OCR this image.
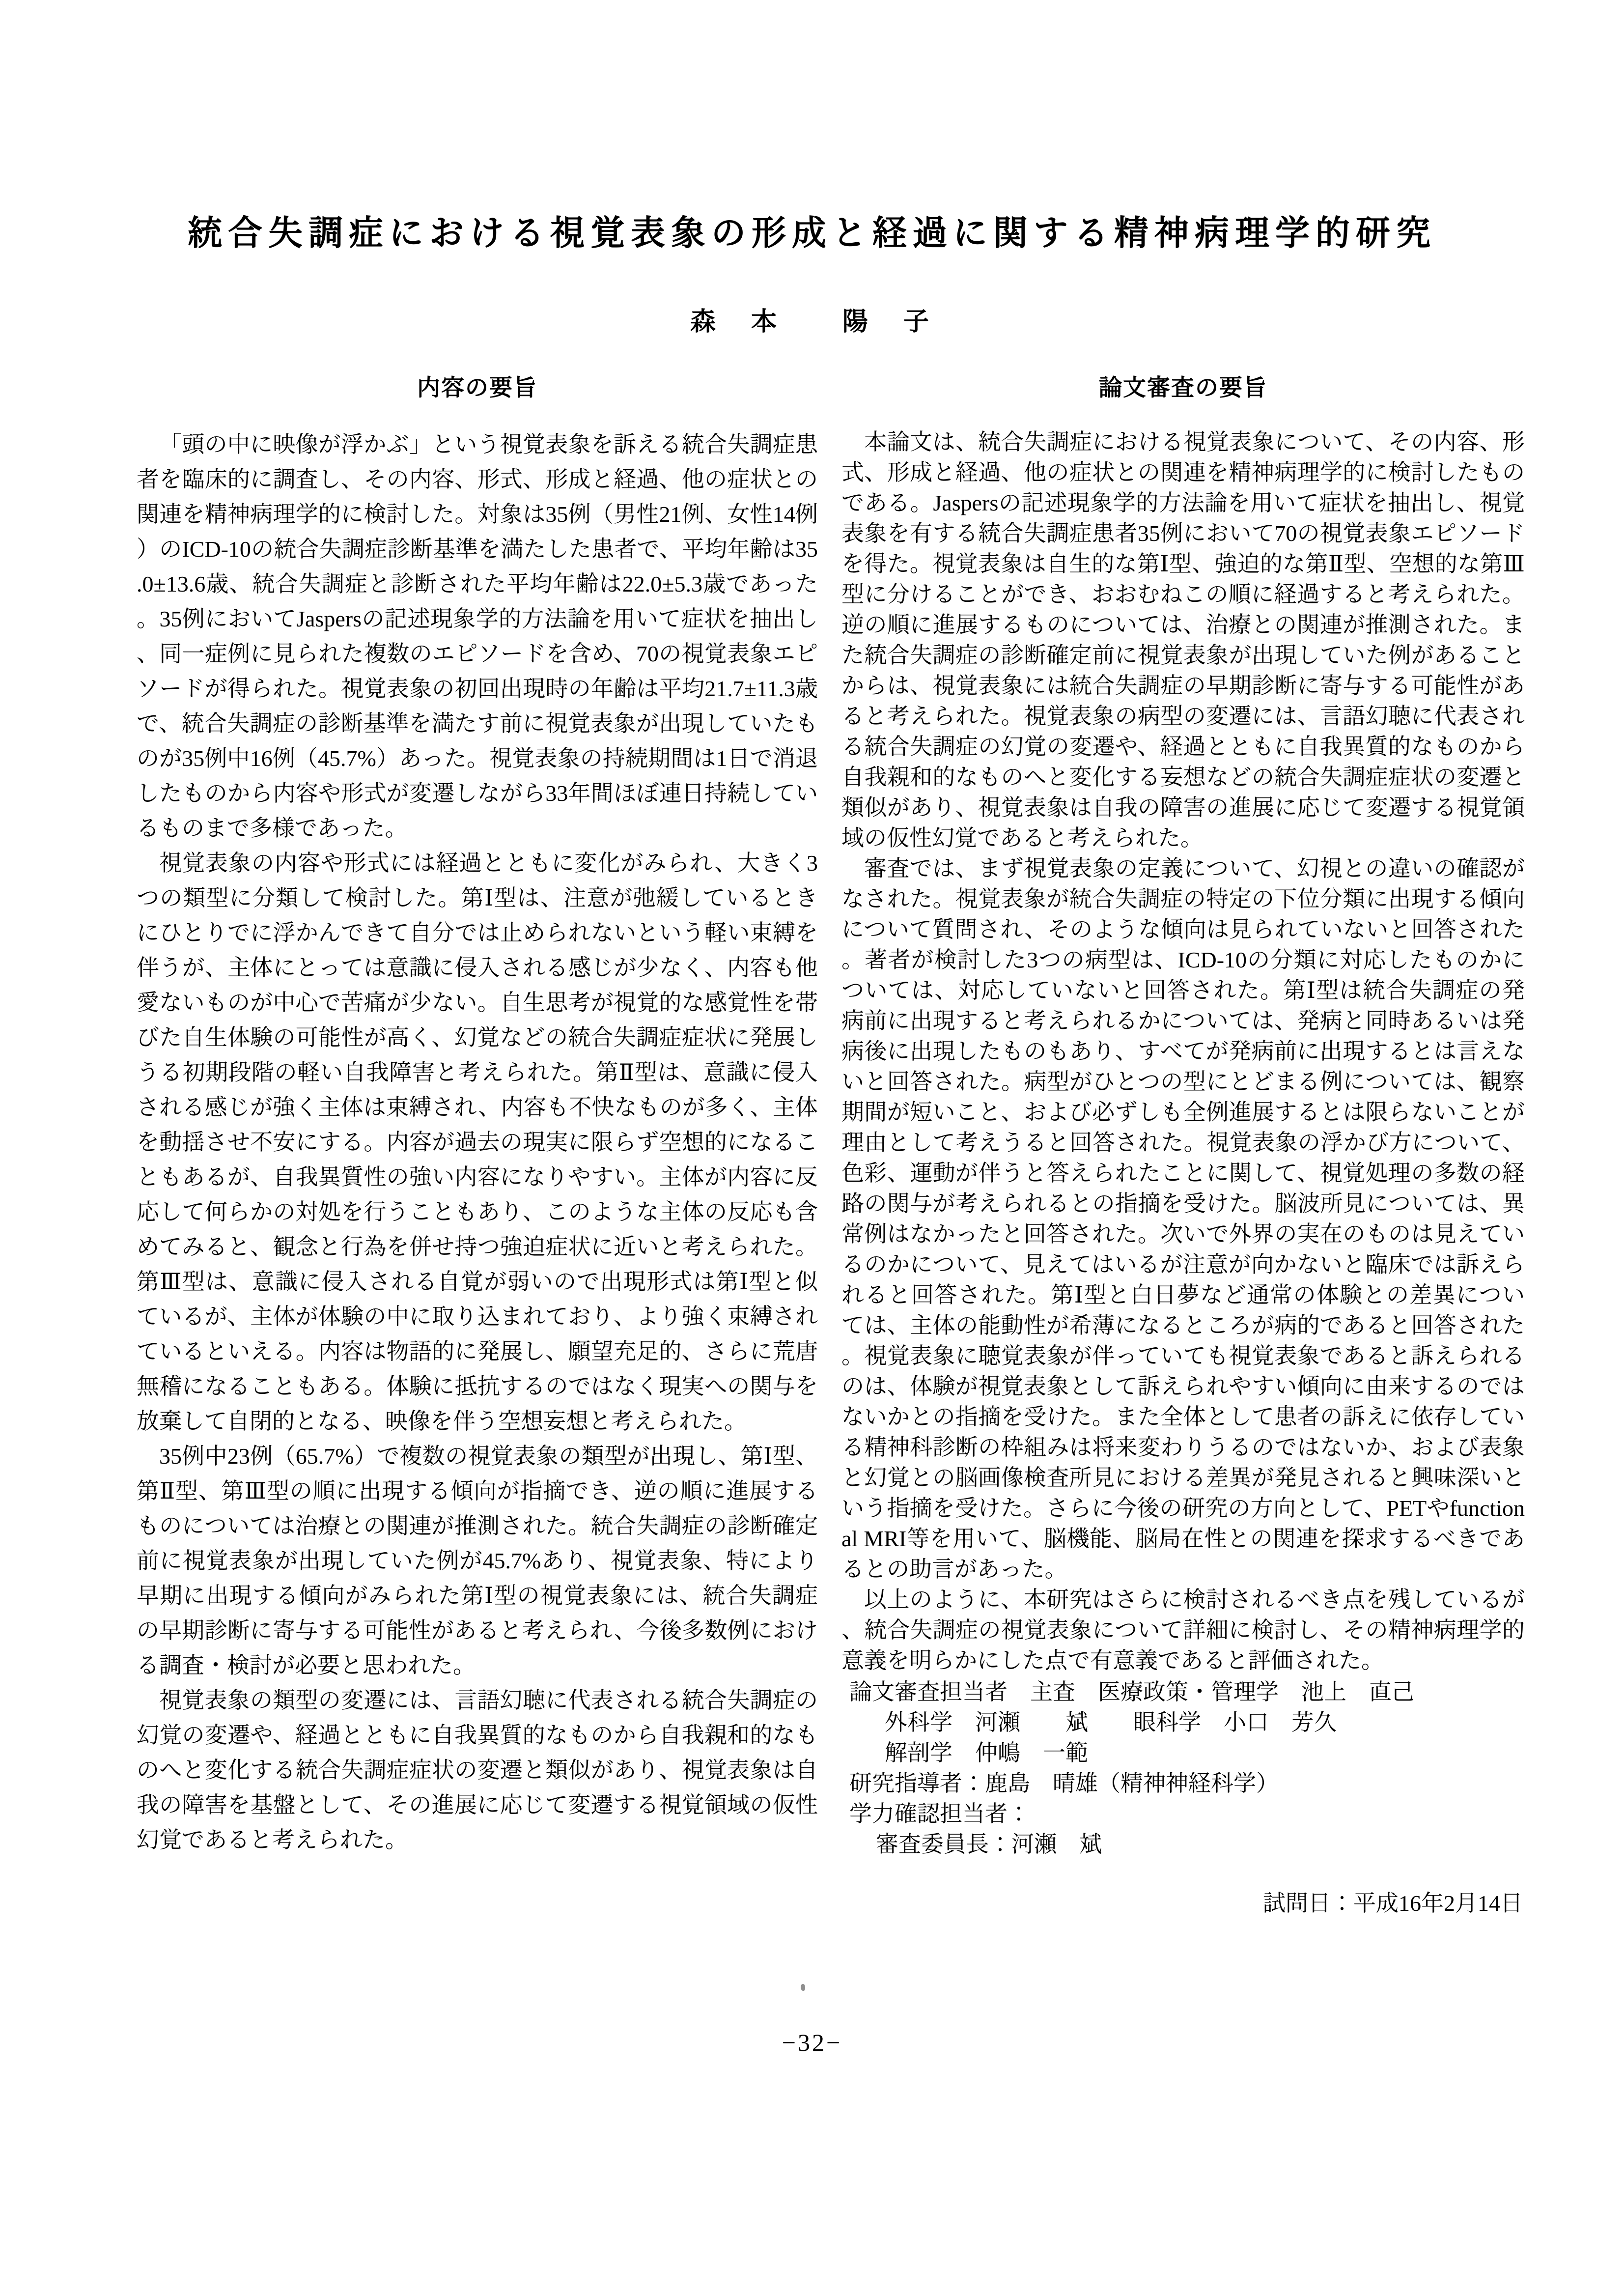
統合失調症における視覚表象の形成と経過に関する精神病理学的研究
森　本　　陽　子
内容の要旨

「頭の中に映像が浮かぶ」という視覚表象を訴える統合失調症患者を臨床的に調査し、その内容、形式、形成と経過、他の症状との関連を精神病理学的に検討した。対象は35例（男性21例、女性14例）のICD-10の統合失調症診断基準を満たした患者で、平均年齢は35.0±13.6歳、統合失調症と診断された平均年齢は22.0±5.3歳であった。35例においてJaspersの記述現象学的方法論を用いて症状を抽出し、同一症例に見られた複数のエピソードを含め、70の視覚表象エピソードが得られた。視覚表象の初回出現時の年齢は平均21.7±11.3歳で、統合失調症の診断基準を満たす前に視覚表象が出現していたものが35例中16例（45.7%）あった。視覚表象の持続期間は1日で消退したものから内容や形式が変遷しながら33年間ほぼ連日持続しているものまで多様であった。

視覚表象の内容や形式には経過とともに変化がみられ、大きく3つの類型に分類して検討した。第Ⅰ型は、注意が弛緩しているときにひとりでに浮かんできて自分では止められないという軽い束縛を伴うが、主体にとっては意識に侵入される感じが少なく、内容も他愛ないものが中心で苦痛が少ない。自生思考が視覚的な感覚性を帯びた自生体験の可能性が高く、幻覚などの統合失調症症状に発展しうる初期段階の軽い自我障害と考えられた。第Ⅱ型は、意識に侵入される感じが強く主体は束縛され、内容も不快なものが多く、主体を動揺させ不安にする。内容が過去の現実に限らず空想的になることもあるが、自我異質性の強い内容になりやすい。主体が内容に反応して何らかの対処を行うこともあり、このような主体の反応も含めてみると、観念と行為を併せ持つ強迫症状に近いと考えられた。第Ⅲ型は、意識に侵入される自覚が弱いので出現形式は第Ⅰ型と似ているが、主体が体験の中に取り込まれており、より強く束縛されているといえる。内容は物語的に発展し、願望充足的、さらに荒唐無稽になることもある。体験に抵抗するのではなく現実への関与を放棄して自閉的となる、映像を伴う空想妄想と考えられた。

35例中23例（65.7%）で複数の視覚表象の類型が出現し、第Ⅰ型、第Ⅱ型、第Ⅲ型の順に出現する傾向が指摘でき、逆の順に進展するものについては治療との関連が推測された。統合失調症の診断確定前に視覚表象が出現していた例が45.7%あり、視覚表象、特により早期に出現する傾向がみられた第Ⅰ型の視覚表象には、統合失調症の早期診断に寄与する可能性があると考えられ、今後多数例における調査・検討が必要と思われた。

視覚表象の類型の変遷には、言語幻聴に代表される統合失調症の幻覚の変遷や、経過とともに自我異質的なものから自我親和的なものへと変化する統合失調症症状の変遷と類似があり、視覚表象は自我の障害を基盤として、その進展に応じて変遷する視覚領域の仮性幻覚であると考えられた。

論文審査の要旨

本論文は、統合失調症における視覚表象について、その内容、形式、形成と経過、他の症状との関連を精神病理学的に検討したものである。Jaspersの記述現象学的方法論を用いて症状を抽出し、視覚表象を有する統合失調症患者35例において70の視覚表象エピソードを得た。視覚表象は自生的な第Ⅰ型、強迫的な第Ⅱ型、空想的な第Ⅲ型に分けることができ、おおむねこの順に経過すると考えられた。逆の順に進展するものについては、治療との関連が推測された。また統合失調症の診断確定前に視覚表象が出現していた例があることからは、視覚表象には統合失調症の早期診断に寄与する可能性があると考えられた。視覚表象の病型の変遷には、言語幻聴に代表される統合失調症の幻覚の変遷や、経過とともに自我異質的なものから自我親和的なものへと変化する妄想などの統合失調症症状の変遷と類似があり、視覚表象は自我の障害の進展に応じて変遷する視覚領域の仮性幻覚であると考えられた。

審査では、まず視覚表象の定義について、幻視との違いの確認がなされた。視覚表象が統合失調症の特定の下位分類に出現する傾向について質問され、そのような傾向は見られていないと回答された。著者が検討した3つの病型は、ICD-10の分類に対応したものかについては、対応していないと回答された。第Ⅰ型は統合失調症の発病前に出現すると考えられるかについては、発病と同時あるいは発病後に出現したものもあり、すべてが発病前に出現するとは言えないと回答された。病型がひとつの型にとどまる例については、観察期間が短いこと、および必ずしも全例進展するとは限らないことが理由として考えうると回答された。視覚表象の浮かび方について、色彩、運動が伴うと答えられたことに関して、視覚処理の多数の経路の関与が考えられるとの指摘を受けた。脳波所見については、異常例はなかったと回答された。次いで外界の実在のものは見えているのかについて、見えてはいるが注意が向かないと臨床では訴えられると回答された。第Ⅰ型と白日夢など通常の体験との差異については、主体の能動性が希薄になるところが病的であると回答された。視覚表象に聴覚表象が伴っていても視覚表象であると訴えられるのは、体験が視覚表象として訴えられやすい傾向に由来するのではないかとの指摘を受けた。また全体として患者の訴えに依存している精神科診断の枠組みは将来変わりうるのではないか、および表象と幻覚との脳画像検査所見における差異が発見されると興味深いという指摘を受けた。さらに今後の研究の方向として、PETやfunctional MRI等を用いて、脳機能、脳局在性との関連を探求するべきであるとの助言があった。

以上のように、本研究はさらに検討されるべき点を残しているが、統合失調症の視覚表象について詳細に検討し、その精神病理学的意義を明らかにした点で有意義であると評価された。

論文審査担当者　主査　医療政策・管理学　池上　直己
外科学　河瀬　　斌　　眼科学　小口　芳久
解剖学　仲嶋　一範
研究指導者：鹿島　晴雄（精神神経科学）
学力確認担当者：
審査委員長：河瀬　斌
試問日：平成16年2月14日
−32−
